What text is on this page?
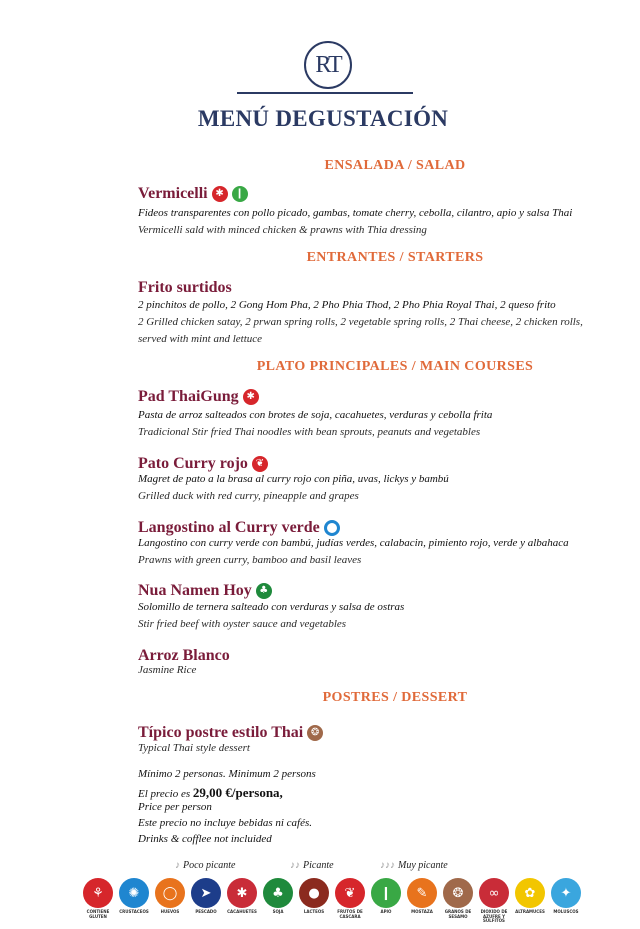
RT
MENÚ DEGUSTACIÓN
ENSALADA / SALAD
Vermicelli ✱	❙
Fideos transparentes con pollo picado, gambas, tomate cherry, cebolla, cilantro, apio y salsa Thai
Vermicelli sald with minced chicken & prawns with Thia dressing
ENTRANTES / STARTERS
Frito surtidos
2 pinchitos de pollo, 2 Gong Hom Pha, 2 Pho Phia Thod, 2 Pho Phia Royal Thai, 2 queso frito
2 Grilled chicken satay, 2 prwan spring rolls, 2 vegetable spring rolls, 2 Thai cheese, 2 chicken rolls,
served with mint and lettuce
PLATO PRINCIPALES / MAIN COURSES
Pad ThaiGung ✱
Pasta de arroz salteados con brotes de soja, cacahuetes, verduras y cebolla frita
Tradicional Stir fried Thai noodles with bean sprouts, peanuts and vegetables
Pato Curry rojo ❦
Magret de pato a la brasa al curry rojo con piña, uvas, lickys y bambú
Grilled duck with red curry, pineapple and grapes
Langostino al Curry verde
Langostino con curry verde con bambú, judías verdes, calabacin, pimiento rojo, verde y albahaca
Prawns with green curry, bamboo and basil leaves
Nua Namen Hoy ♣
Solomillo de ternera salteado con verduras y salsa de ostras
Stir fried beef with oyster sauce and vegetables
Arroz Blanco
Jasmine Rice
POSTRES / DESSERT
Típico postre estilo Thai ❂
Typical Thai style dessert
Mínimo 2 personas. Minimum 2 persons
El precio es 29,00 €/persona,
Price per person
Este precio no incluye bebidas ni cafés.
Drinks & cofflee not incluided
♪ Poco picante	♪♪ Picante	♪♪♪ Muy picante
⚘
CONTIENE GLUTEN
✺
CRUSTACEOS
◯
HUEVOS
➤
PESCADO
✱
CACAHUETES
♣
SOJA
●
LACTEOS
❦
FRUTOS DE CASCARA
❙
APIO
✎
MOSTAZA
❂
GRANOS DE SESAMO
∞
DIOXIDO DE AZUFRE Y SULFITOS
✿
ALTRAMUCES
✦
MOLUSCOS
